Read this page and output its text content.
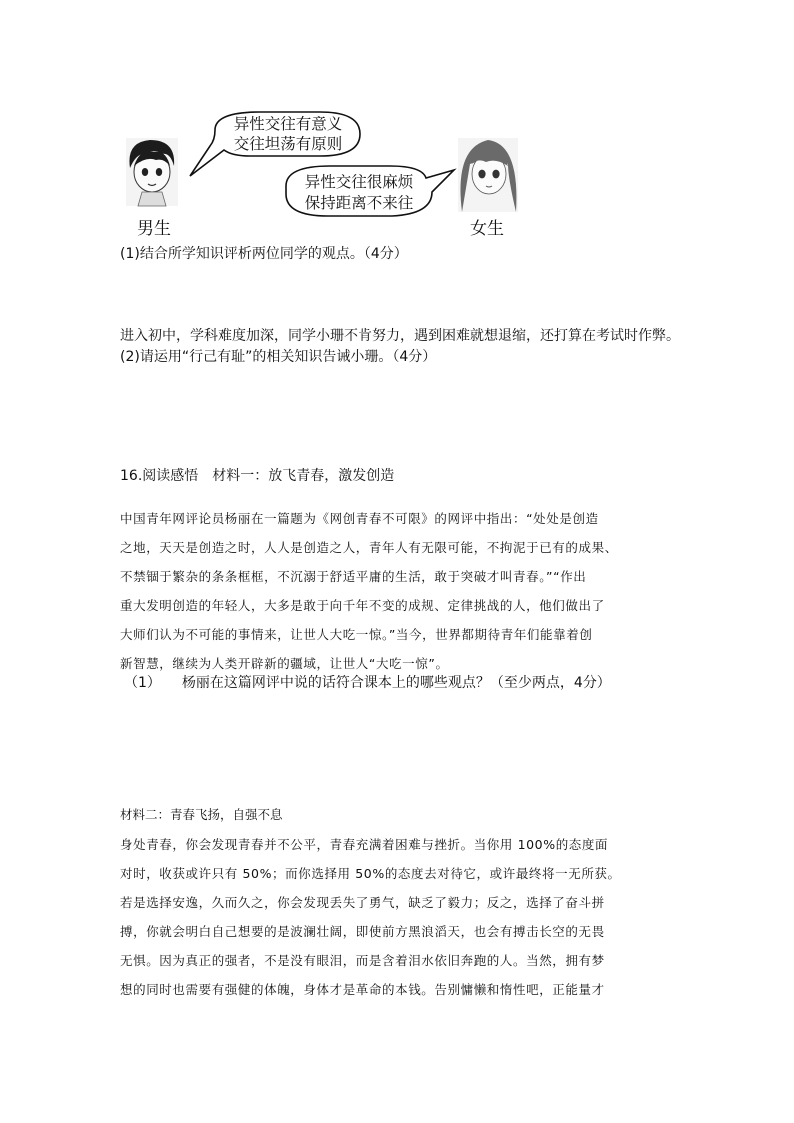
异性交往有意义
交往坦荡有原则
异性交往很麻烦
保持距离不来往
男生	女生
(1)结合所学知识评析两位同学的观点。（4分）
进入初中，学科难度加深，同学小珊不肯努力，遇到困难就想退缩，还打算在考试时作弊。
(2)请运用“行己有耻”的相关知识告诫小珊。（4分）
16.阅读感悟　材料一：放飞青春，激发创造
中国青年网评论员杨丽在一篇题为《网创青春不可限》的网评中指出：“处处是创造
之地，天天是创造之时，人人是创造之人，青年人有无限可能，不拘泥于已有的成果、
不禁锢于繁杂的条条框框，不沉溺于舒适平庸的生活，敢于突破才叫青春。”“作出
重大发明创造的年轻人，大多是敢于向千年不变的成规、定律挑战的人，他们做出了
大师们认为不可能的事情来，让世人大吃一惊。”当今，世界都期待青年们能靠着创
新智慧，继续为人类开辟新的疆域，让世人“大吃一惊”。
（1）　　杨丽在这篇网评中说的话符合课本上的哪些观点？（至少两点，4分）
材料二：青春飞扬，自强不息
身处青春，你会发现青春并不公平，青春充满着困难与挫折。当你用 100%的态度面
对时，收获或许只有 50%；而你选择用 50%的态度去对待它，或许最终将一无所获。
若是选择安逸，久而久之，你会发现丢失了勇气，缺乏了毅力；反之，选择了奋斗拼
搏，你就会明白自己想要的是波澜壮阔，即使前方黑浪滔天，也会有搏击长空的无畏
无惧。因为真正的强者，不是没有眼泪，而是含着泪水依旧奔跑的人。当然，拥有梦
想的同时也需要有强健的体魄，身体才是革命的本钱。告别慵懒和惰性吧，正能量才
